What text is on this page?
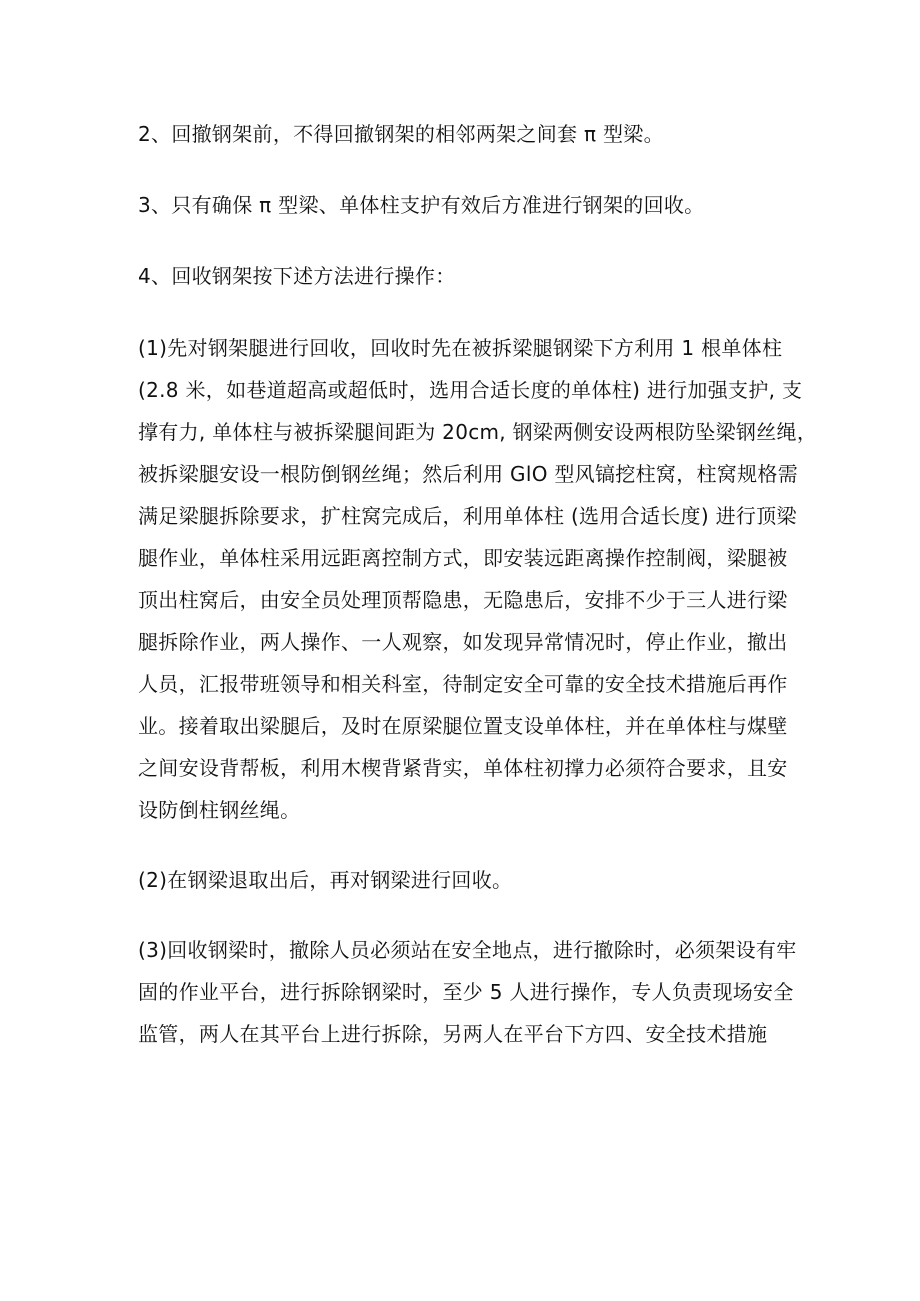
2、回撤钢架前，不得回撤钢架的相邻两架之间套 π 型梁。
3、只有确保 π 型梁、单体柱支护有效后方准进行钢架的回收。
4、回收钢架按下述方法进行操作：
(1)先对钢架腿进行回收，回收时先在被拆梁腿钢梁下方利用 1 根单体柱
(2.8 米，如巷道超高或超低时，选用合适长度的单体柱) 进行加强支护, 支
撑有力, 单体柱与被拆梁腿间距为 20cm, 钢梁两侧安设两根防坠梁钢丝绳，
被拆梁腿安设一根防倒钢丝绳；然后利用 GlO 型风镐挖柱窝，柱窝规格需
满足梁腿拆除要求，扩柱窝完成后，利用单体柱 (选用合适长度) 进行顶梁
腿作业，单体柱采用远距离控制方式，即安装远距离操作控制阀，梁腿被
顶出柱窝后，由安全员处理顶帮隐患，无隐患后，安排不少于三人进行梁
腿拆除作业，两人操作、一人观察，如发现异常情况时，停止作业，撤出
人员，汇报带班领导和相关科室，待制定安全可靠的安全技术措施后再作
业。接着取出梁腿后，及时在原梁腿位置支设单体柱，并在单体柱与煤壁
之间安设背帮板，利用木楔背紧背实，单体柱初撑力必须符合要求，且安
设防倒柱钢丝绳。
(2)在钢梁退取出后，再对钢梁进行回收。
(3)回收钢梁时，撤除人员必须站在安全地点，进行撤除时，必须架设有牢
固的作业平台，进行拆除钢梁时，至少 5 人进行操作，专人负责现场安全
监管，两人在其平台上进行拆除，另两人在平台下方四、安全技术措施
